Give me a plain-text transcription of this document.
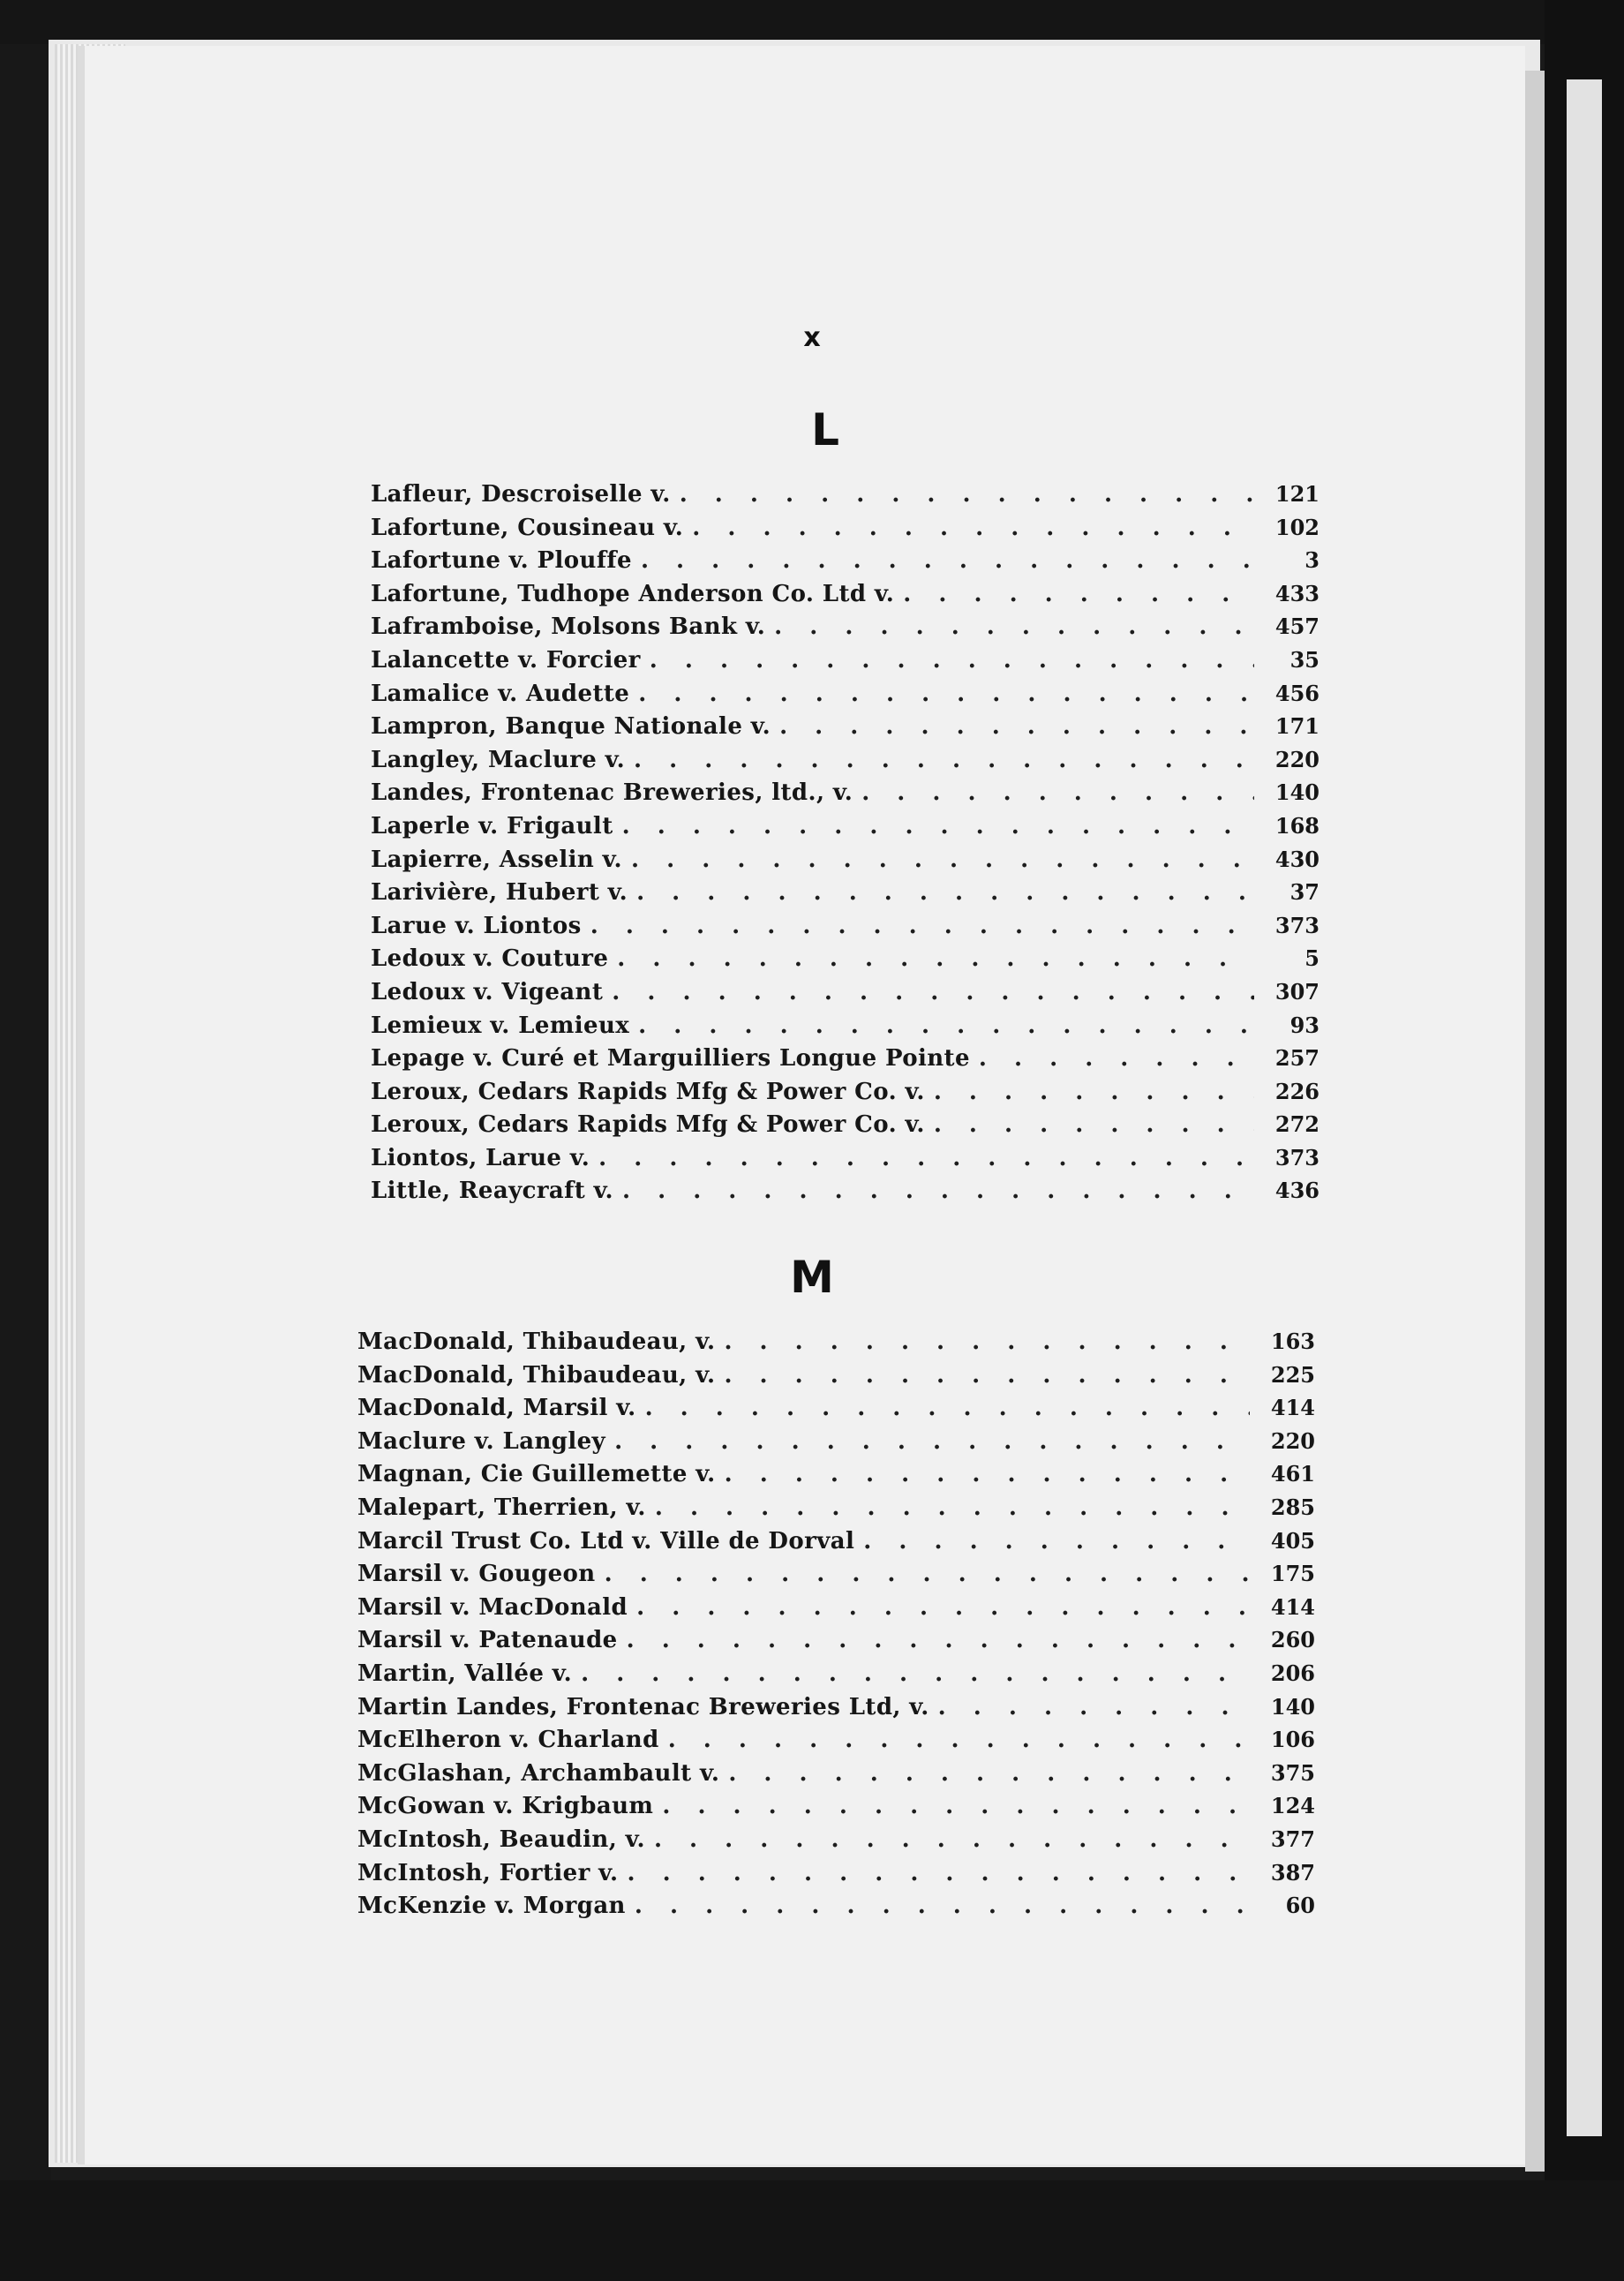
x
L
Lafleur, Descroiselle v. . . .	121
Lafortune, Cousineau v. . . .	102
Lafortune v. Plouffe . . .	3
Lafortune, Tudhope Anderson Co. Ltd v. . . .	433
Laframboise, Molsons Bank v. . . .	457
Lalancette v. Forcier . . .	35
Lamalice v. Audette . . .	456
Lampron, Banque Nationale v. . . .	171
Langley, Maclure v. . . .	220
Landes, Frontenac Breweries, ltd., v. . . .	140
Laperle v. Frigault . . .	168
Lapierre, Asselin v. . . .	430
Larivière, Hubert v. . . .	37
Larue v. Liontos . . .	373
Ledoux v. Couture . . .	5
Ledoux v. Vigeant . . .	307
Lemieux v. Lemieux . . .	93
Lepage v. Curé et Marguilliers Longue Pointe . . .	257
Leroux, Cedars Rapids Mfg & Power Co. v. . . .	226
Leroux, Cedars Rapids Mfg & Power Co. v. . . .	272
Liontos, Larue v. . . .	373
Little, Reaycraft v. . . .	436
M
MacDonald, Thibaudeau, v. . . .	163
MacDonald, Thibaudeau, v. . . .	225
MacDonald, Marsil v. . . .	414
Maclure v. Langley . . .	220
Magnan, Cie Guillemette v. . . .	461
Malepart, Therrien, v. . . .	285
Marcil Trust Co. Ltd v. Ville de Dorval . . .	405
Marsil v. Gougeon . . .	175
Marsil v. MacDonald . . .	414
Marsil v. Patenaude . . .	260
Martin, Vallée v. . . .	206
Martin Landes, Frontenac Breweries Ltd, v. . . .	140
McElheron v. Charland . . .	106
McGlashan, Archambault v. . . .	375
McGowan v. Krigbaum . . .	124
McIntosh, Beaudin, v. . . .	377
McIntosh, Fortier v. . . .	387
McKenzie v. Morgan . . .	60
